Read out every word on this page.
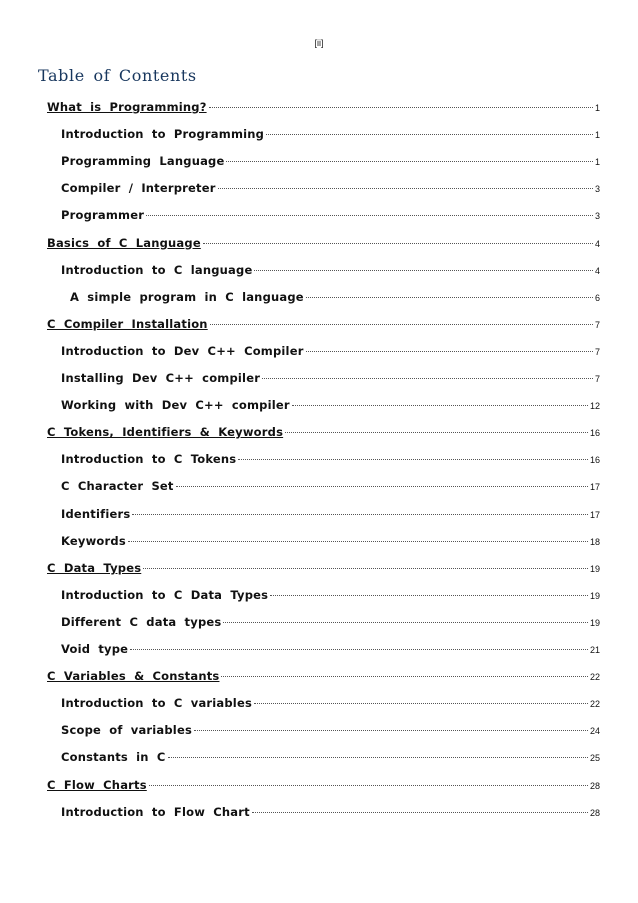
[ii]
Table of Contents
What is Programming?	1
Introduction to Programming	1
Programming Language	1
Compiler / Interpreter	3
Programmer	3
Basics of C Language	4
Introduction to C language	4
A simple program in C language	6
C Compiler Installation	7
Introduction to Dev C++ Compiler	7
Installing Dev C++ compiler	7
Working with Dev C++ compiler	12
C Tokens, Identifiers & Keywords	16
Introduction to C Tokens	16
C Character Set	17
Identifiers	17
Keywords	18
C Data Types	19
Introduction to C Data Types	19
Different C data types	19
Void type	21
C Variables & Constants	22
Introduction to C variables	22
Scope of variables	24
Constants in C	25
C Flow Charts	28
Introduction to Flow Chart	28
